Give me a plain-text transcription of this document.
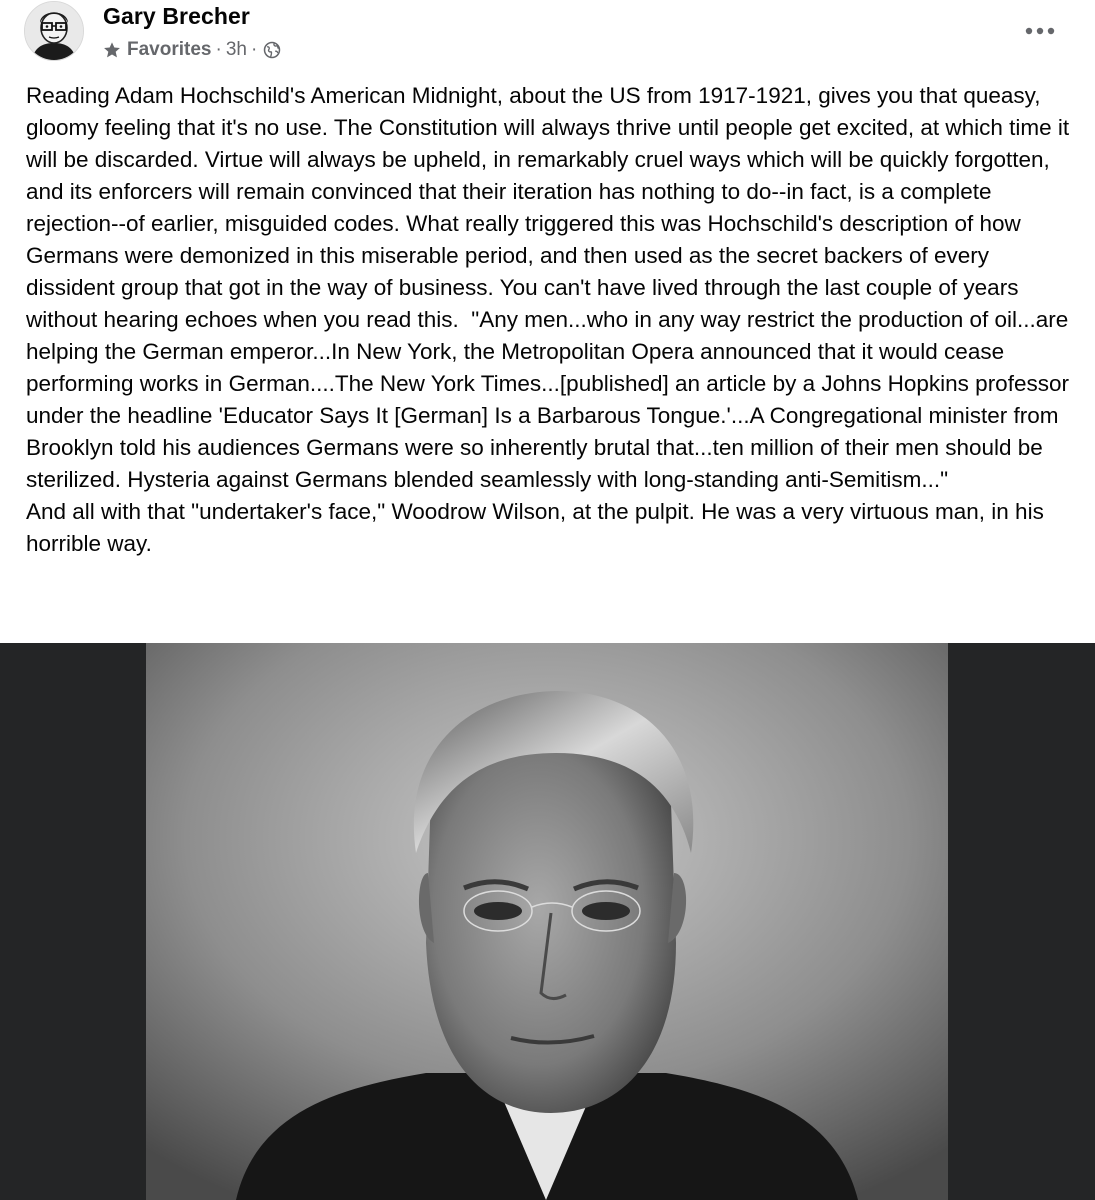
Gary Brecher
Favorites · 3h ·
Reading Adam Hochschild's American Midnight, about the US from 1917-1921, gives you that queasy, gloomy feeling that it's no use. The Constitution will always thrive until people get excited, at which time it will be discarded. Virtue will always be upheld, in remarkably cruel ways which will be quickly forgotten, and its enforcers will remain convinced that their iteration has nothing to do--in fact, is a complete rejection--of earlier, misguided codes. What really triggered this was Hochschild's description of how Germans were demonized in this miserable period, and then used as the secret backers of every dissident group that got in the way of business. You can't have lived through the last couple of years without hearing echoes when you read this.  "Any men...who in any way restrict the production of oil...are helping the German emperor...In New York, the Metropolitan Opera announced that it would cease performing works in German....The New York Times...[published] an article by a Johns Hopkins professor under the headline 'Educator Says It [German] Is a Barbarous Tongue.'...A Congregational minister from Brooklyn told his audiences Germans were so inherently brutal that...ten million of their men should be sterilized. Hysteria against Germans blended seamlessly with long-standing anti-Semitism..."
And all with that "undertaker's face," Woodrow Wilson, at the pulpit. He was a very virtuous man, in his horrible way.
